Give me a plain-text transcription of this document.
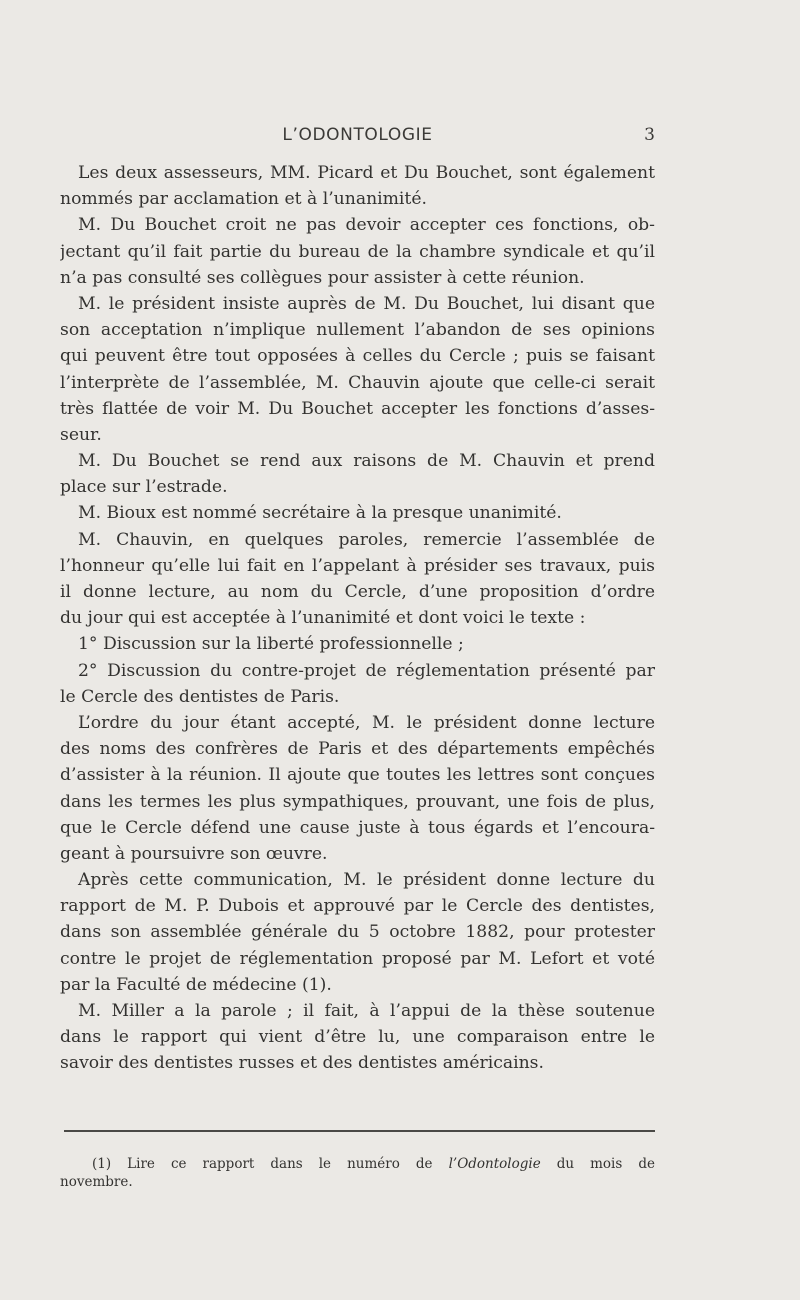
L’ODONTOLOGIE	3
Les deux assesseurs, MM. Picard et Du Bouchet, sont également
nommés par acclamation et à l’unanimité.
M. Du Bouchet croit ne pas devoir accepter ces fonctions, ob-
jectant qu’il fait partie du bureau de la chambre syndicale et qu’il
n’a pas consulté ses collègues pour assister à cette réunion.
M. le président insiste auprès de M. Du Bouchet, lui disant que
son acceptation n’implique nullement l’abandon de ses opinions
qui peuvent être tout opposées à celles du Cercle ; puis se faisant
l’interprète de l’assemblée, M. Chauvin ajoute que celle-ci serait
très flattée de voir M. Du Bouchet accepter les fonctions d’asses-
seur.
M. Du Bouchet se rend aux raisons de M. Chauvin et prend
place sur l’estrade.
M. Bioux est nommé secrétaire à la presque unanimité.
M. Chauvin, en quelques paroles, remercie l’assemblée de
l’honneur qu’elle lui fait en l’appelant à présider ses travaux, puis
il donne lecture, au nom du Cercle, d’une proposition d’ordre
du jour qui est acceptée à l’unanimité et dont voici le texte :
1° Discussion sur la liberté professionnelle ;
2° Discussion du contre-projet de réglementation présenté par
le Cercle des dentistes de Paris.
L’ordre du jour étant accepté, M. le président donne lecture
des noms des confrères de Paris et des départements empêchés
d’assister à la réunion. Il ajoute que toutes les lettres sont conçues
dans les termes les plus sympathiques, prouvant, une fois de plus,
que le Cercle défend une cause juste à tous égards et l’encoura-
geant à poursuivre son œuvre.
Après cette communication, M. le président donne lecture du
rapport de M. P. Dubois et approuvé par le Cercle des dentistes,
dans son assemblée générale du 5 octobre 1882, pour protester
contre le projet de réglementation proposé par M. Lefort et voté
par la Faculté de médecine (1).
M. Miller a la parole ; il fait, à l’appui de la thèse soutenue
dans le rapport qui vient d’être lu, une comparaison entre le
savoir des dentistes russes et des dentistes américains.
(1) Lire ce rapport dans le numéro de l’Odontologie du mois de
novembre.
